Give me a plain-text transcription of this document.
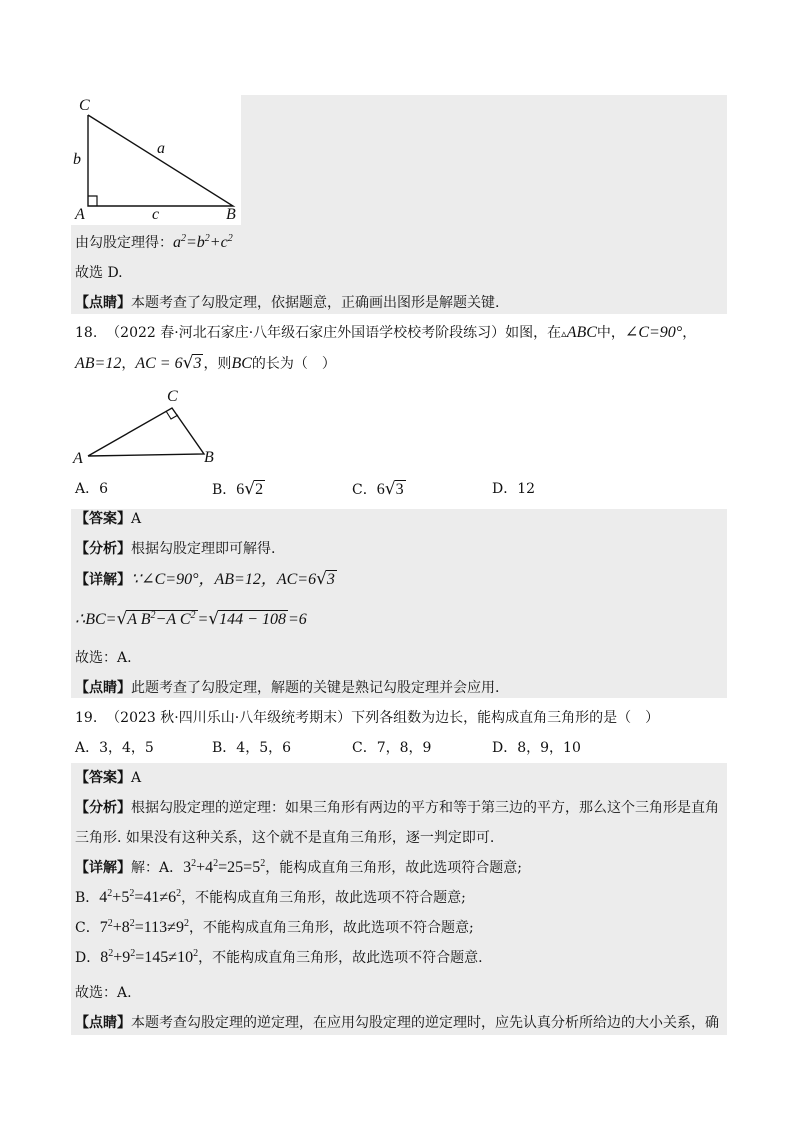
C
b
a
A	c	B
由勾股定理得：$a^2=b^2+c^2$
故选 D.
【点睛】本题考查了勾股定理，依据题意，正确画出图形是解题关键.
18. （2022 春·河北石家庄·八年级石家庄外国语学校校考阶段练习）如图，在▵ABC中，∠C=90°，
AB=12，AC = 6√3 ，则BC的长为（　）
C
A	B
A．6	B．6√2	C．6√3	D．12
【答案】A
【分析】根据勾股定理即可解得.
【详解】∵∠C=90°，AB=12，AC=6√3
∴BC=√A $B^2-A$ $C^2 =√144 - 108 =6$
故选：A.
【点睛】此题考查了勾股定理，解题的关键是熟记勾股定理并会应用.
19. （2023 秋·四川乐山·八年级统考期末）下列各组数为边长，能构成直角三角形的是（　）
A．3，4，5	B．4，5，6	C．7，8，9	D．8，9，10
【答案】A
【分析】根据勾股定理的逆定理：如果三角形有两边的平方和等于第三边的平方，那么这个三角形是直角
三角形. 如果没有这种关系，这个就不是直角三角形，逐一判定即可.
【详解】解：A．$3^2+4^2=25=5^2$，能构成直角三角形，故此选项符合题意;
B．$4^2+5^2=41\ne 6^2$，不能构成直角三角形，故此选项不符合题意;
C．$7^2+8^2=113\ne 9^2$，不能构成直角三角形，故此选项不符合题意;
D．$8^2+9^2=145\ne 10^2$，不能构成直角三角形，故此选项不符合题意.
故选：A.
【点睛】本题考查勾股定理的逆定理，在应用勾股定理的逆定理时，应先认真分析所给边的大小关系，确
